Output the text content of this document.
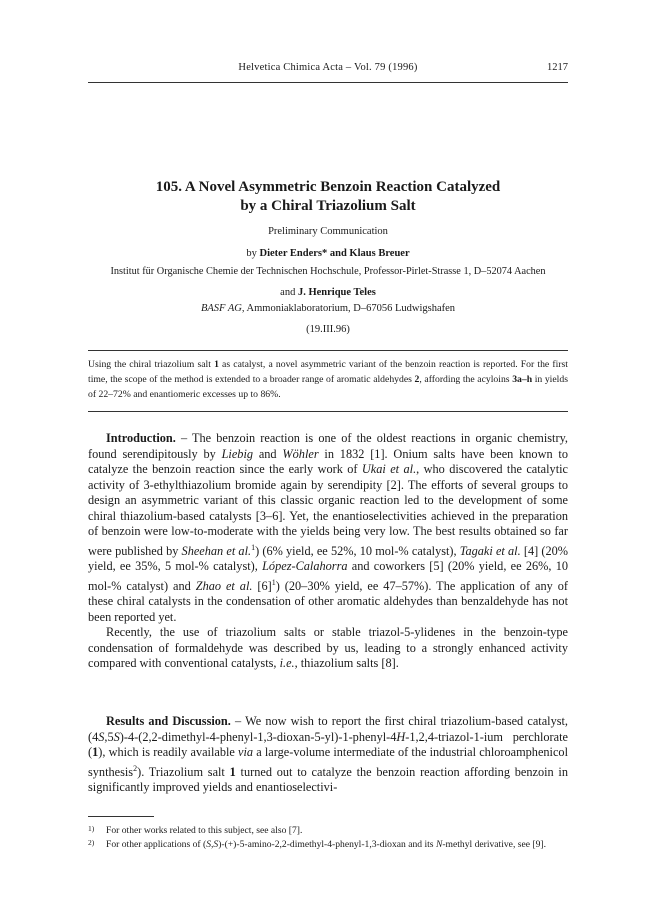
Helvetica Chimica Acta – Vol. 79 (1996)	1217
105. A Novel Asymmetric Benzoin Reaction Catalyzed
by a Chiral Triazolium Salt
Preliminary Communication
by Dieter Enders* and Klaus Breuer
Institut für Organische Chemie der Technischen Hochschule, Professor-Pirlet-Strasse 1, D–52074 Aachen
and J. Henrique Teles
BASF AG, Ammoniaklaboratorium, D–67056 Ludwigshafen
(19.III.96)
Using the chiral triazolium salt 1 as catalyst, a novel asymmetric variant of the benzoin reaction is reported. For the first time, the scope of the method is extended to a broader range of aromatic aldehydes 2, affording the acyloins 3a–h in yields of 22–72% and enantiomeric excesses up to 86%.

Introduction. – The benzoin reaction is one of the oldest reactions in organic chemistry, found serendipitously by Liebig and Wöhler in 1832 [1]. Onium salts have been known to catalyze the benzoin reaction since the early work of Ukai et al., who discovered the catalytic activity of 3-ethylthiazolium bromide again by serendipity [2]. The efforts of several groups to design an asymmetric variant of this classic organic reaction led to the development of some chiral thiazolium-based catalysts [3–6]. Yet, the enantioselectivities achieved in the preparation of benzoin were low-to-moderate with the yields being very low. The best results obtained so far were published by Sheehan et al.$^1$) (6% yield, ee 52%, 10 mol-% catalyst), Tagaki et al. [4] (20% yield, ee 35%, 5 mol-% catalyst), López-Calahorra and coworkers [5] (20% yield, ee 26%, 10 mol-% catalyst) and Zhao et al. $[6]^1$) (20–30% yield, ee 47–57%). The application of any of these chiral catalysts in the condensation of other aromatic aldehydes than benzaldehyde has not been reported yet.

Recently, the use of triazolium salts or stable triazol-5-ylidenes in the benzoin-type condensation of formaldehyde was described by us, leading to a strongly enhanced activity compared with conventional catalysts, i.e., thiazolium salts [8].

Results and Discussion. – We now wish to report the first chiral triazolium-based catalyst, (4S,5S)-4-(2,2-dimethyl-4-phenyl-1,3-dioxan-5-yl)-1-phenyl-4H-1,2,4-triazol-1-ium perchlorate (1), which is readily available via a large-volume intermediate of the industrial chloroamphenicol synthesis$^2$). Triazolium salt 1 turned out to catalyze the benzoin reaction affording benzoin in significantly improved yields and enantioselectivi-

1) For other works related to this subject, see also [7].
2) For other applications of (S,S)-(+)-5-amino-2,2-dimethyl-4-phenyl-1,3-dioxan and its N-methyl derivative, see [9].
